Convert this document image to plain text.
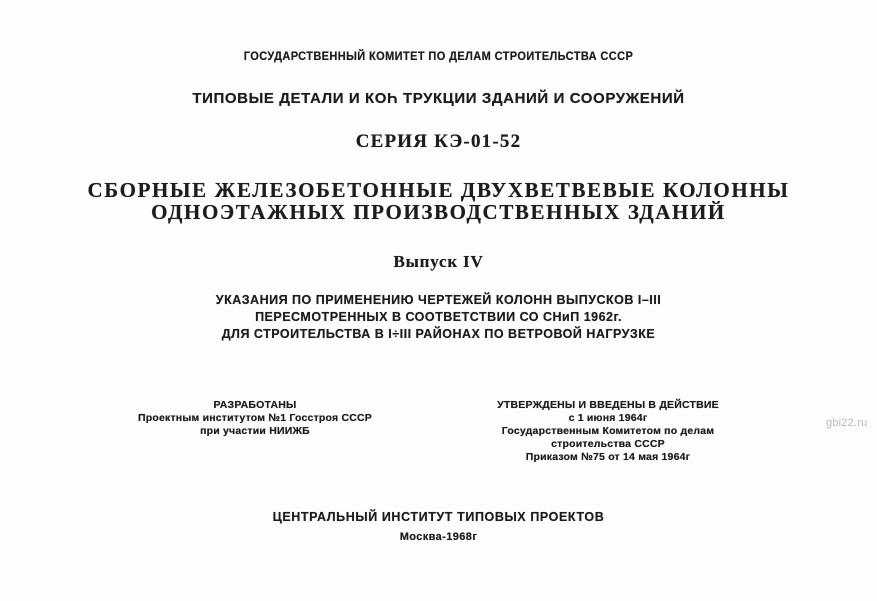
ГОСУДАРСТВЕННЫЙ КОМИТЕТ ПО ДЕЛАМ СТРОИТЕЛЬСТВА СССР
ТИПОВЫЕ ДЕТАЛИ И КОҺ ТРУКЦИИ ЗДАНИЙ И СООРУЖЕНИЙ
СЕРИЯ КЭ-01-52
СБОРНЫЕ ЖЕЛЕЗОБЕТОННЫЕ ДВУХВЕТВЕВЫЕ КОЛОННЫ
ОДНОЭТАЖНЫХ ПРОИЗВОДСТВЕННЫХ ЗДАНИЙ
Выпуск IV
УКАЗАНИЯ ПО ПРИМЕНЕНИЮ ЧЕРТЕЖЕЙ КОЛОНН ВЫПУСКОВ I–III
ПЕРЕСМОТРЕННЫХ В СООТВЕТСТВИИ СО СНиП 1962г.
ДЛЯ СТРОИТЕЛЬСТВА В I÷III РАЙОНАХ ПО ВЕТРОВОЙ НАГРУЗКЕ
РАЗРАБОТАНЫ
Проектным институтом №1 Госстроя СССР
при участии НИИЖБ
УТВЕРЖДЕНЫ И ВВЕДЕНЫ В ДЕЙСТВИЕ
с 1 июня 1964г
Государственным Комитетом по делам
строительства СССР
Приказом №75 от 14 мая 1964г
ЦЕНТРАЛЬНЫЙ ИНСТИТУТ ТИПОВЫХ ПРОЕКТОВ
Москва-1968г
gbi22.ru
